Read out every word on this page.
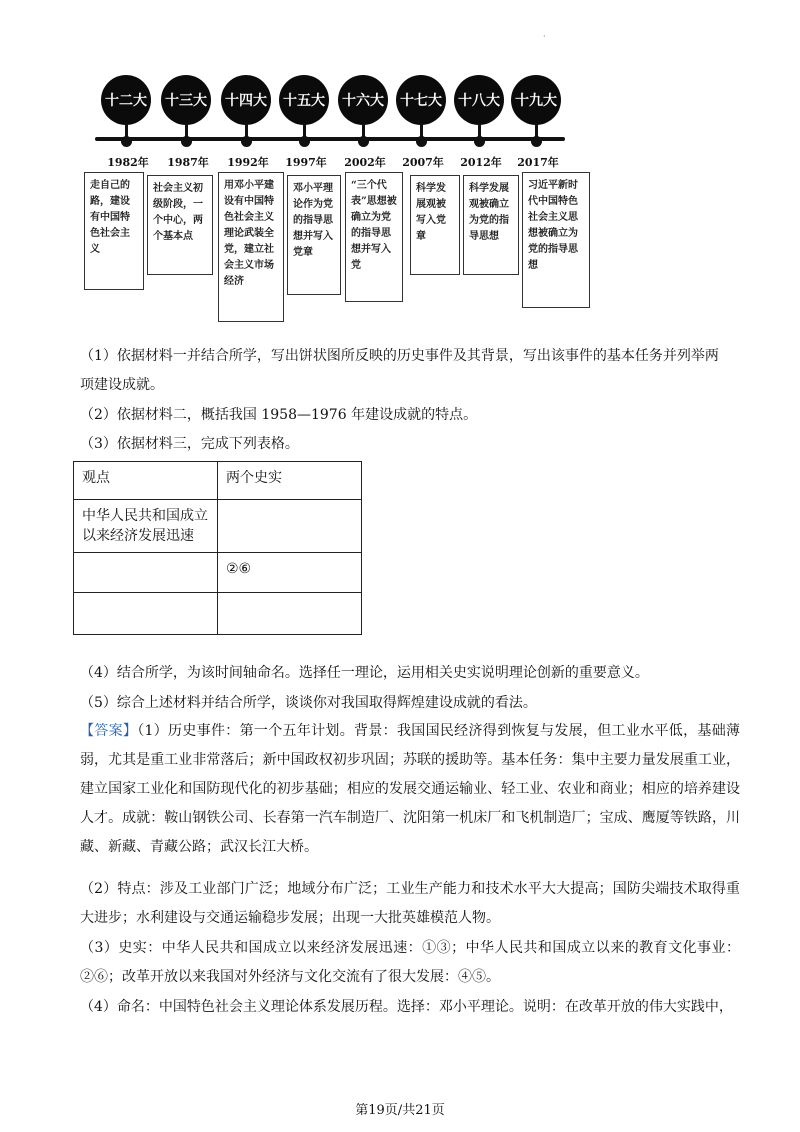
·
十二大
1982年
十三大
1987年
十四大
1992年
十五大
1997年
十六大
2002年
十七大
2007年
十八大
2012年
十九大
2017年
走自己的路，建设有中国特色社会主义
社会主义初级阶段，一个中心，两个基本点
用邓小平建设有中国特色社会主义理论武装全党，建立社会主义市场经济
邓小平理论作为党的指导思想并写入党章
“三个代表”思想被确立为党的指导思想并写入党
科学发展观被写入党章
科学发展观被确立为党的指导思想
习近平新时代中国特色社会主义思想被确立为党的指导思想
（1）依据材料一并结合所学，写出饼状图所反映的历史事件及其背景，写出该事件的基本任务并列举两
项建设成就。
（2）依据材料二，概括我国 1958—1976 年建设成就的特点。
（3）依据材料三，完成下列表格。
观点	两个史实
中华人民共和国成立以来经济发展迅速	
	②⑥

（4）结合所学，为该时间轴命名。选择任一理论，运用相关史实说明理论创新的重要意义。
（5）综合上述材料并结合所学，谈谈你对我国取得辉煌建设成就的看法。
【答案】（1）历史事件：第一个五年计划。背景：我国国民经济得到恢复与发展，但工业水平低，基础薄弱，尤其是重工业非常落后；新中国政权初步巩固；苏联的援助等。基本任务：集中主要力量发展重工业，建立国家工业化和国防现代化的初步基础；相应的发展交通运输业、轻工业、农业和商业；相应的培养建设人才。成就：鞍山钢铁公司、长春第一汽车制造厂、沈阳第一机床厂和飞机制造厂；宝成、鹰厦等铁路，川藏、新藏、青藏公路；武汉长江大桥。
（2）特点：涉及工业部门广泛；地域分布广泛；工业生产能力和技术水平大大提高；国防尖端技术取得重大进步；水利建设与交通运输稳步发展；出现一大批英雄模范人物。
（3）史实：中华人民共和国成立以来经济发展迅速：①③；中华人民共和国成立以来的教育文化事业：②⑥；改革开放以来我国对外经济与文化交流有了很大发展：④⑤。
（4）命名：中国特色社会主义理论体系发展历程。选择：邓小平理论。说明：在改革开放的伟大实践中，
第19页/共21页
